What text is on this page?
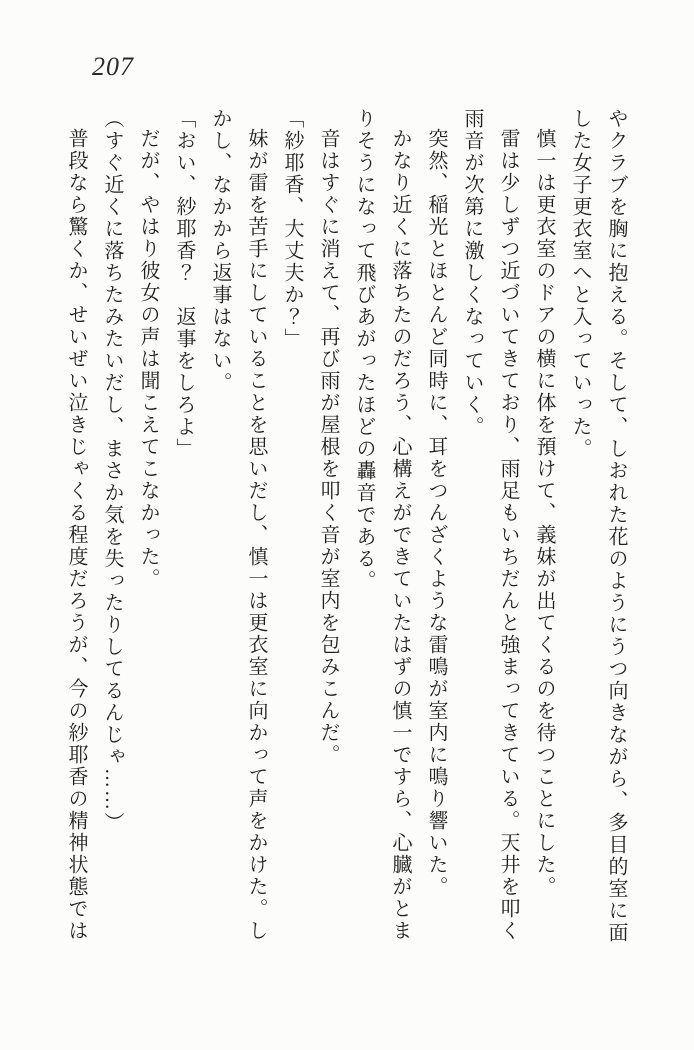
207

やクラブを胸に抱える。そして、しおれた花のようにうつ向きながら、多目的室に面した女子更衣室へと入っていった。

慎一は更衣室のドアの横に体を預けて、義妹が出てくるのを待つことにした。

雷は少しずつ近づいてきており、雨足もいちだんと強まってきている。天井を叩く雨音が次第に激しくなっていく。

突然、稲光とほとんど同時に、耳をつんざくような雷鳴が室内に鳴り響いた。

かなり近くに落ちたのだろう、心構えができていたはずの慎一ですら、心臓がとまりそうになって飛びあがったほどの轟音である。

音はすぐに消えて、再び雨が屋根を叩く音が室内を包みこんだ。

「紗耶香、大丈夫か？」

妹が雷を苦手にしていることを思いだし、慎一は更衣室に向かって声をかけた。しかし、なかから返事はない。

「おい、紗耶香？　返事をしろよ」

だが、やはり彼女の声は聞こえてこなかった。

（すぐ近くに落ちたみたいだし、まさか気を失ったりしてるんじゃ……）

普段なら驚くか、せいぜい泣きじゃくる程度だろうが、今の紗耶香の精神状態では
